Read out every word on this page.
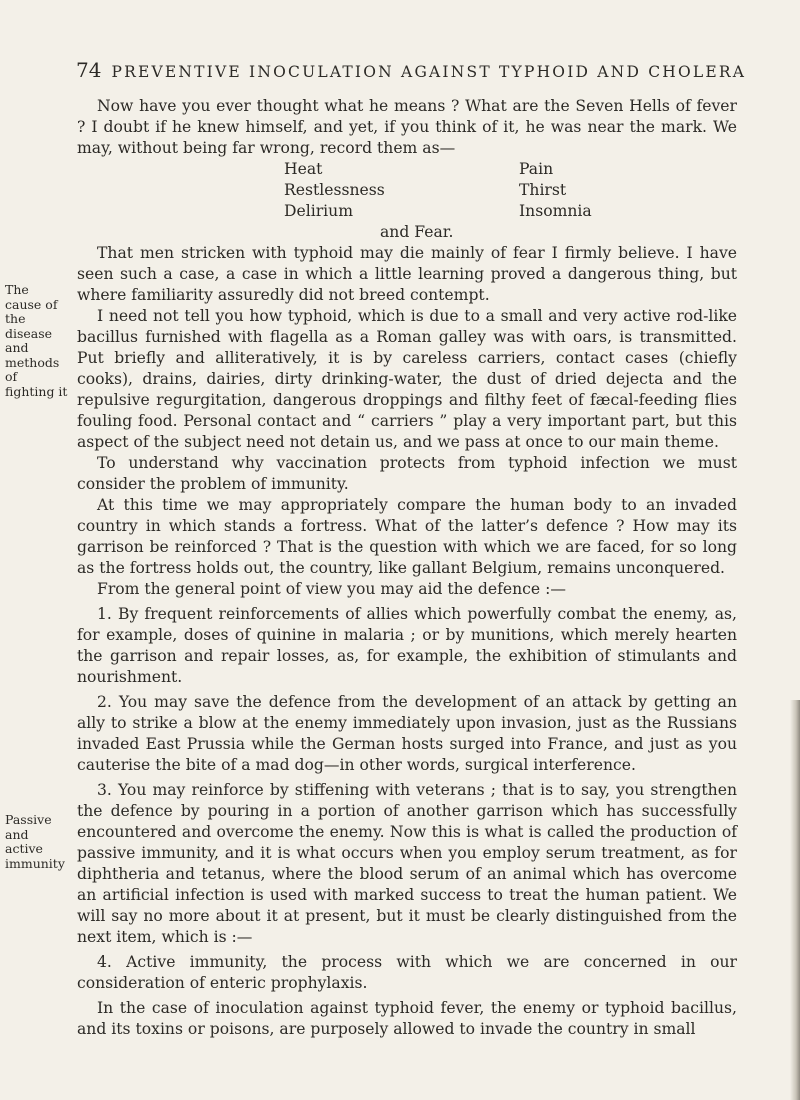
74 PREVENTIVE INOCULATION AGAINST TYPHOID AND CHOLERA
The cause of the disease and methods of fighting it
Passive and active immunity

Now have you ever thought what he means ? What are the Seven Hells of fever ? I doubt if he knew himself, and yet, if you think of it, he was near the mark. We may, without being far wrong, record them as—

Heat
Restlessness
Delirium
Pain
Thirst
Insomnia
and Fear.

That men stricken with typhoid may die mainly of fear I firmly believe. I have seen such a case, a case in which a little learning proved a dangerous thing, but where familiarity assuredly did not breed contempt.

I need not tell you how typhoid, which is due to a small and very active rod-like bacillus furnished with flagella as a Roman galley was with oars, is transmitted. Put briefly and alliteratively, it is by careless carriers, contact cases (chiefly cooks), drains, dairies, dirty drinking-water, the dust of dried dejecta and the repulsive regurgitation, dangerous droppings and filthy feet of fæcal-feeding flies fouling food. Personal contact and “ carriers ” play a very important part, but this aspect of the subject need not detain us, and we pass at once to our main theme.

To understand why vaccination protects from typhoid infection we must consider the problem of immunity.

At this time we may appropriately compare the human body to an invaded country in which stands a fortress. What of the latter’s defence ? How may its garrison be reinforced ? That is the question with which we are faced, for so long as the fortress holds out, the country, like gallant Belgium, remains unconquered.

From the general point of view you may aid the defence :—

1. By frequent reinforcements of allies which powerfully combat the enemy, as, for example, doses of quinine in malaria ; or by munitions, which merely hearten the garrison and repair losses, as, for example, the exhibition of stimulants and nourishment.

2. You may save the defence from the development of an attack by getting an ally to strike a blow at the enemy immediately upon invasion, just as the Russians invaded East Prussia while the German hosts surged into France, and just as you cauterise the bite of a mad dog—in other words, surgical interference.

3. You may reinforce by stiffening with veterans ; that is to say, you strengthen the defence by pouring in a portion of another garrison which has successfully encountered and overcome the enemy. Now this is what is called the production of passive immunity, and it is what occurs when you employ serum treatment, as for diphtheria and tetanus, where the blood serum of an animal which has overcome an artificial infection is used with marked success to treat the human patient. We will say no more about it at present, but it must be clearly distinguished from the next item, which is :—

4. Active immunity, the process with which we are concerned in our consideration of enteric prophylaxis.

In the case of inoculation against typhoid fever, the enemy or typhoid bacillus, and its toxins or poisons, are purposely allowed to invade the country in small
